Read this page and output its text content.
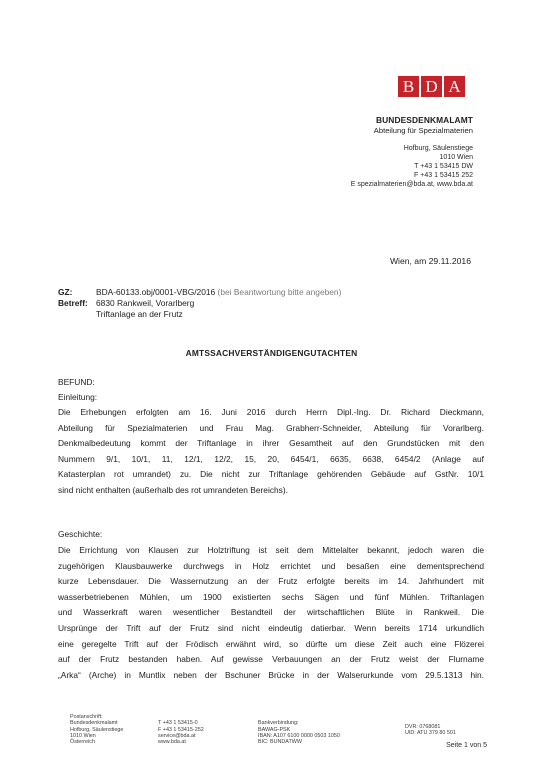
B D A
BUNDESDENKMALAMT
Abteilung für Spezialmaterien
Hofburg, Säulenstiege
1010 Wien
T +43 1 53415 DW
F +43 1 53415 252
E spezialmaterien@bda.at, www.bda.at
Wien, am 29.11.2016
GZ:	BDA-60133.obj/0001-VBG/2016 (bei Beantwortung bitte angeben)
Betreff: 6830 Rankweil, Vorarlberg
Triftanlage an der Frutz
AMTSSACHVERSTÄNDIGENGUTACHTEN
BEFUND:
Einleitung:
Die Erhebungen erfolgten am 16. Juni 2016 durch Herrn Dipl.-Ing. Dr. Richard Dieckmann,
Abteilung für Spezialmaterien und Frau Mag. Grabherr-Schneider, Abteilung für Vorarlberg.
Denkmalbedeutung kommt der Triftanlage in ihrer Gesamtheit auf den Grundstücken mit den
Nummern 9/1, 10/1, 11, 12/1, 12/2, 15, 20, 6454/1, 6635, 6638, 6454/2 (Anlage auf
Katasterplan rot umrandet) zu. Die nicht zur Triftanlage gehörenden Gebäude auf GstNr. 10/1
sind nicht enthalten (außerhalb des rot umrandeten Bereichs).
Geschichte:
Die Errichtung von Klausen zur Holztriftung ist seit dem Mittelalter bekannt, jedoch waren die
zugehörigen Klausbauwerke durchwegs in Holz errichtet und besaßen eine dementsprechend
kurze Lebensdauer. Die Wassernutzung an der Frutz erfolgte bereits im 14. Jahrhundert mit
wasserbetriebenen Mühlen, um 1900 existierten sechs Sägen und fünf Mühlen. Triftanlagen
und Wasserkraft waren wesentlicher Bestandteil der wirtschaftlichen Blüte in Rankweil. Die
Ursprünge der Trift auf der Frutz sind nicht eindeutig datierbar. Wenn bereits 1714 urkundlich
eine geregelte Trift auf der Frödisch erwähnt wird, so dürfte um diese Zeit auch eine Flözerei
auf der Frutz bestanden haben. Auf gewisse Verbauungen an der Frutz weist der Flurname
„Arka“ (Arche) in Muntlix neben der Bschuner Brücke in der Walserurkunde vom 29.5.1313 hin.
Postanschrift:
Bundesdenkmalamt
Hofburg, Säulenstiege
1010 Wien
Österreich

T +43 1 53415-0
F +43 1 53415-252
service@bda.at
www.bda.at

Bankverbindung:
BAWAG-PSK
IBAN: A107 6100 0000 0503 1050
BIC: BUNDATWW
DVR: 0768081
UID: ATU 379 80 501
Seite 1 von 5
